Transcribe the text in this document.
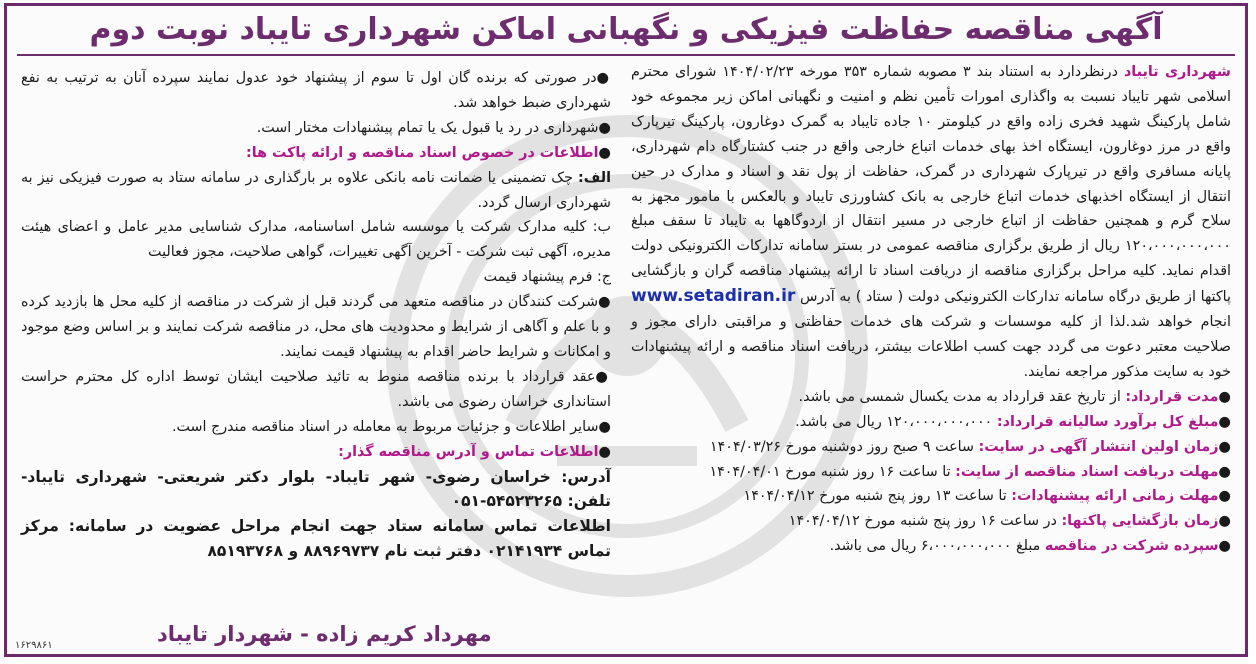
آگهی مناقصه حفاظت فیزیکی و نگهبانی اماکن شهرداری تایباد نوبت دوم

شهرداری تایباد درنظردارد به استناد بند ۳ مصوبه شماره ۳۵۳ مورخه ۱۴۰۴/۰۲/۲۳ شورای محترم اسلامی شهر تایباد نسبت به واگذاری امورات تأمین نظم و امنیت و نگهبانی اماکن زیر مجموعه خود شامل پارکینگ شهید فخری زاده واقع در کیلومتر ۱۰ جاده تایباد به گمرک دوغارون، پارکینگ تیرپارک واقع در مرز دوغارون، ایستگاه اخذ بهای خدمات اتباع خارجی واقع در جنب کشتارگاه دام شهرداری، پایانه مسافری واقع در تیرپارک شهرداری در گمرک، حفاظت از پول نقد و اسناد و مدارک در حین انتقال از ایستگاه اخذبهای خدمات اتباع خارجی به بانک کشاورزی تایباد و بالعکس با مامور مجهز به سلاح گرم و همچنین حفاظت از اتباع خارجی در مسیر انتقال از اردوگاهها به تایباد تا سقف مبلغ ۱۲۰،۰۰۰،۰۰۰،۰۰۰ ریال از طریق برگزاری مناقصه عمومی در بستر سامانه تدارکات الکترونیکی دولت اقدام نماید. کلیه مراحل برگزاری مناقصه از دریافت اسناد تا ارائه پیشنهاد مناقصه گران و بازگشایی پاکتها از طریق درگاه سامانه تدارکات الکترونیکی دولت ( ستاد ) به آدرس www.setadiran.ir انجام خواهد شد.لذا از کلیه موسسات و شرکت های خدمات حفاظتی و مراقبتی دارای مجوز و صلاحیت معتبر دعوت می گردد جهت کسب اطلاعات بیشتر، دریافت اسناد مناقصه و ارائه پیشنهادات خود به سایت مذکور مراجعه نمایند.

●مدت قرارداد: از تاریخ عقد قرارداد به مدت یکسال شمسی می باشد.

●مبلغ کل برآورد سالیانه قرارداد: ۱۲۰،۰۰۰،۰۰۰،۰۰۰ ریال می باشد.

●زمان اولین انتشار آگهی در سایت: ساعت ۹ صبح روز دوشنبه مورخ ۱۴۰۴/۰۳/۲۶

●مهلت دریافت اسناد مناقصه از سایت: تا ساعت ۱۶ روز شنبه مورخ ۱۴۰۴/۰۴/۰۱

●مهلت زمانی ارائه پیشنهادات: تا ساعت ۱۳ روز پنج شنبه مورخ ۱۴۰۴/۰۴/۱۲

●زمان بازگشایی پاکتها: در ساعت ۱۶ روز پنج شنبه مورخ ۱۴۰۴/۰۴/۱۲

●سپرده شرکت در مناقصه مبلغ ۶،۰۰۰،۰۰۰،۰۰۰ ریال می باشد.

●در صورتی که برنده گان اول تا سوم از پیشنهاد خود عدول نمایند سپرده آنان به ترتیب به نفع شهرداری ضبط خواهد شد.

●شهرداری در رد یا قبول یک یا تمام پیشنهادات مختار است.

●اطلاعات در خصوص اسناد مناقصه و ارائه پاکت ها:

الف: چک تضمینی یا ضمانت نامه بانکی علاوه بر بارگذاری در سامانه ستاد به صورت فیزیکی نیز به شهرداری ارسال گردد.

ب: کلیه مدارک شرکت یا موسسه شامل اساسنامه، مدارک شناسایی مدیر عامل و اعضای هیئت مدیره، آگهی ثبت شرکت - آخرین آگهی تغییرات، گواهی صلاحیت، مجوز فعالیت

ج: فرم پیشنهاد قیمت

●شرکت کنندگان در مناقصه متعهد می گردند قبل از شرکت در مناقصه از کلیه محل ها بازدید کرده و با علم و آگاهی از شرایط و محدودیت های محل، در مناقصه شرکت نمایند و بر اساس وضع موجود و امکانات و شرایط حاضر اقدام به پیشنهاد قیمت نمایند.

●عقد قرارداد با برنده مناقصه منوط به تائید صلاحیت ایشان توسط اداره کل محترم حراست استانداری خراسان رضوی می باشد.

●سایر اطلاعات و جزئیات مربوط به معامله در اسناد مناقصه مندرج است.

●اطلاعات تماس و آدرس مناقصه گذار:

آدرس: خراسان رضوی- شهر تایباد- بلوار دکتر شریعتی- شهرداری تایباد- تلفن: ۵۴۵۲۳۲۶۵-۰۵۱

اطلاعات تماس سامانه ستاد جهت انجام مراحل عضویت در سامانه: مرکز تماس ۰۲۱۴۱۹۳۴ دفتر ثبت نام ۸۸۹۶۹۷۳۷ و ۸۵۱۹۳۷۶۸

مهرداد کریم زاده - شهردار تایباد
۱۶۲۹۸۶۱
